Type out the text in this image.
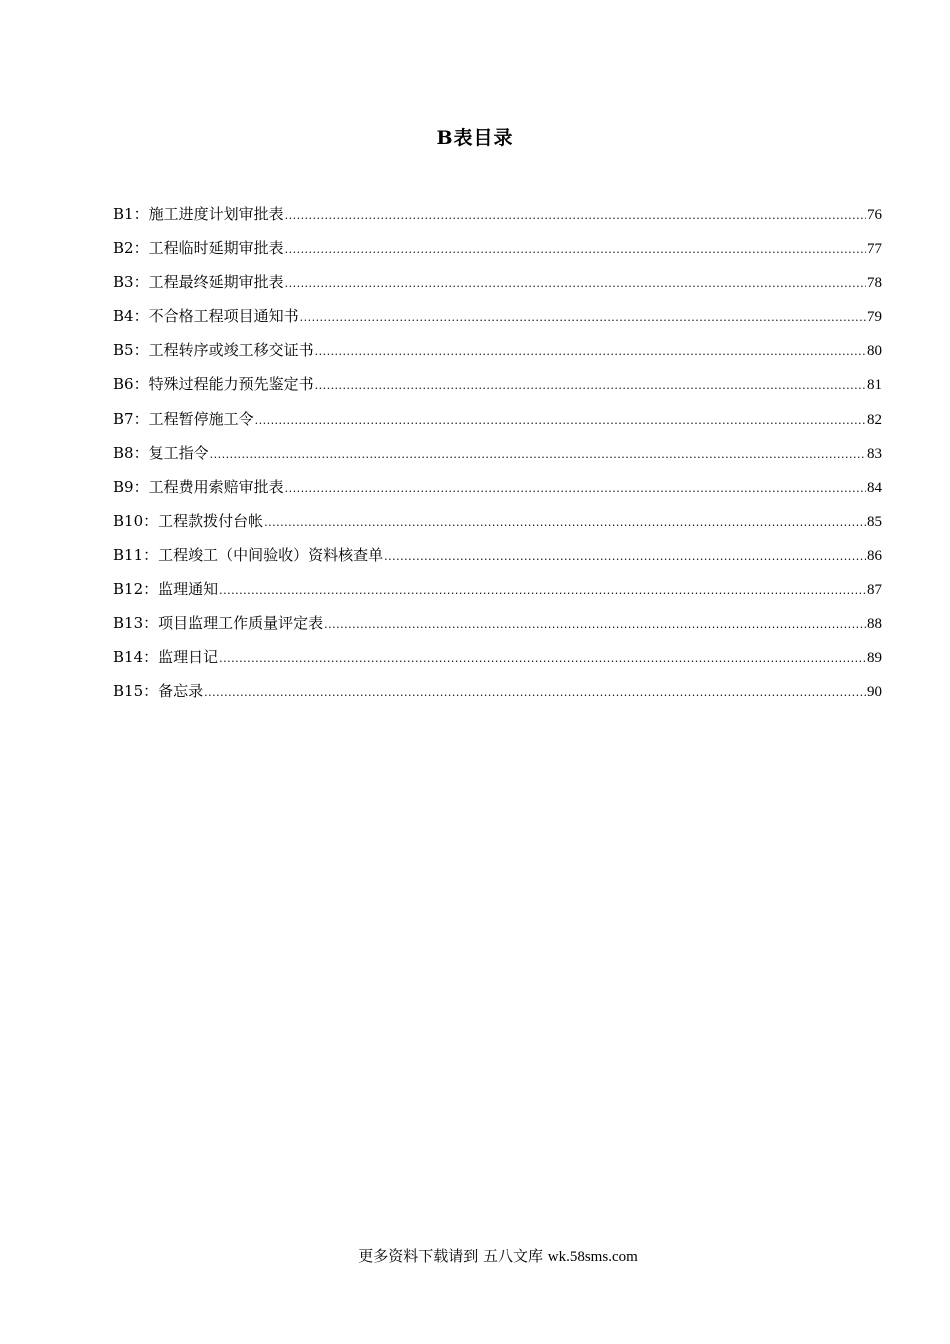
B表目录
B1：施工进度计划审批表 .....	76
B2：工程临时延期审批表 .....	77
B3：工程最终延期审批表 .....	78
B4：不合格工程项目通知书 .....	79
B5：工程转序或竣工移交证书 .....	80
B6：特殊过程能力预先鉴定书 .....	81
B7：工程暂停施工令 .....	82
B8：复工指令 .....	83
B9：工程费用索赔审批表 .....	84
B10：工程款拨付台帐 .....	85
B11：工程竣工（中间验收）资料核查单 .....	86
B12：监理通知 .....	87
B13：项目监理工作质量评定表 .....	88
B14：监理日记 .....	89
B15：备忘录 .....	90
更多资料下载请到 五八文库 wk.58sms.com
